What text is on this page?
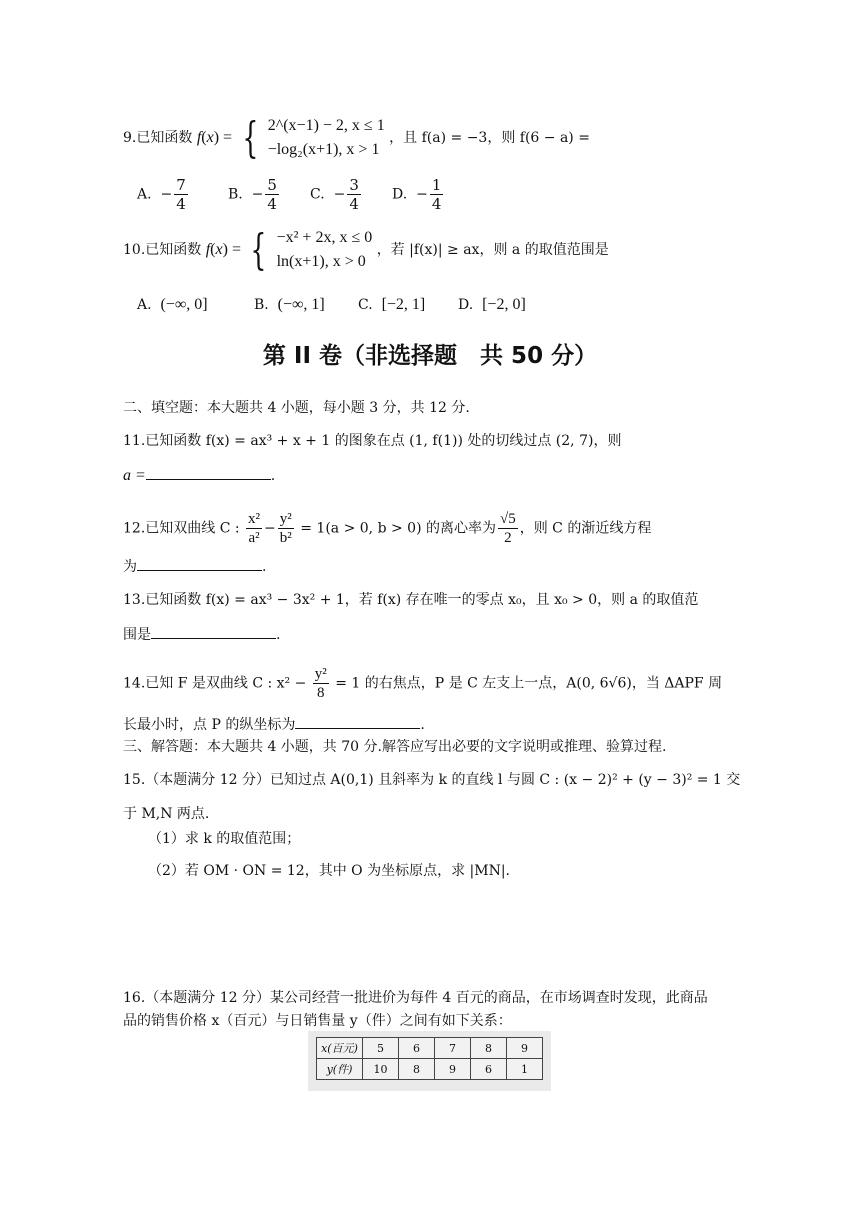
9.已知函数 f(x) = { 2^(x−1) − 2, x ≤ 1
−log₂(x+1), x > 1
，且 f(a) = −3，则 f(6 − a) =
A.  − $\frac{7}{4}$	B.  − $\frac{5}{4} C$.  − $\frac{3}{4} D$.  − $\frac{1}{4}$
10.已知函数 f(x) = { −x² + 2x, x ≤ 0
ln(x+1), x > 0
，若 |f(x)| ≥ ax，则 a 的取值范围是
A. (−∞, 0]	B. (−∞, 1] C. [−2, 1] D. [−2, 0]
第 II 卷（非选择题　共 50 分）
二、填空题：本大题共 4 小题，每小题 3 分，共 12 分.
11.已知函数 f(x) = ax³ + x + 1 的图象在点 (1, f(1)) 处的切线过点 (2, 7)，则
a =	.
12.已知双曲线 C : $\frac{\text{x²}}{\text{a²}} - \frac{\text{y²}}{\text{b²}} = 1(a > 0$, b > 0) 的离心率为 $\frac{√5}{2}$ ，则 C 的渐近线方程
为	.
13.已知函数 f(x) = ax³ − 3x² + 1，若 f(x) 存在唯一的零点 x₀，且 x₀ > 0，则 a 的取值范
围是	.
14.已知 F 是双曲线 C : $x^2 - \frac{\text{y²}}{8} = 1$ 的右焦点，P 是 C 左支上一点，A(0, 6√6)，当 ΔAPF 周
长最小时，点 P 的纵坐标为	.
三、解答题：本大题共 4 小题，共 70 分.解答应写出必要的文字说明或推理、验算过程.
15.（本题满分 12 分）已知过点 A(0,1) 且斜率为 k 的直线 l 与圆 C : (x − 2)² + (y − 3)² = 1 交
于 M,N 两点.
（1）求 k 的取值范围；
（2）若 OM · ON = 12，其中 O 为坐标原点，求 |MN|.
16.（本题满分 12 分）某公司经营一批进价为每件 4 百元的商品，在市场调查时发现，此商品
品的销售价格 x（百元）与日销售量 y（件）之间有如下关系：
x(百元)	5	6	7	8	9
y(件)	10	8	9	6	1
